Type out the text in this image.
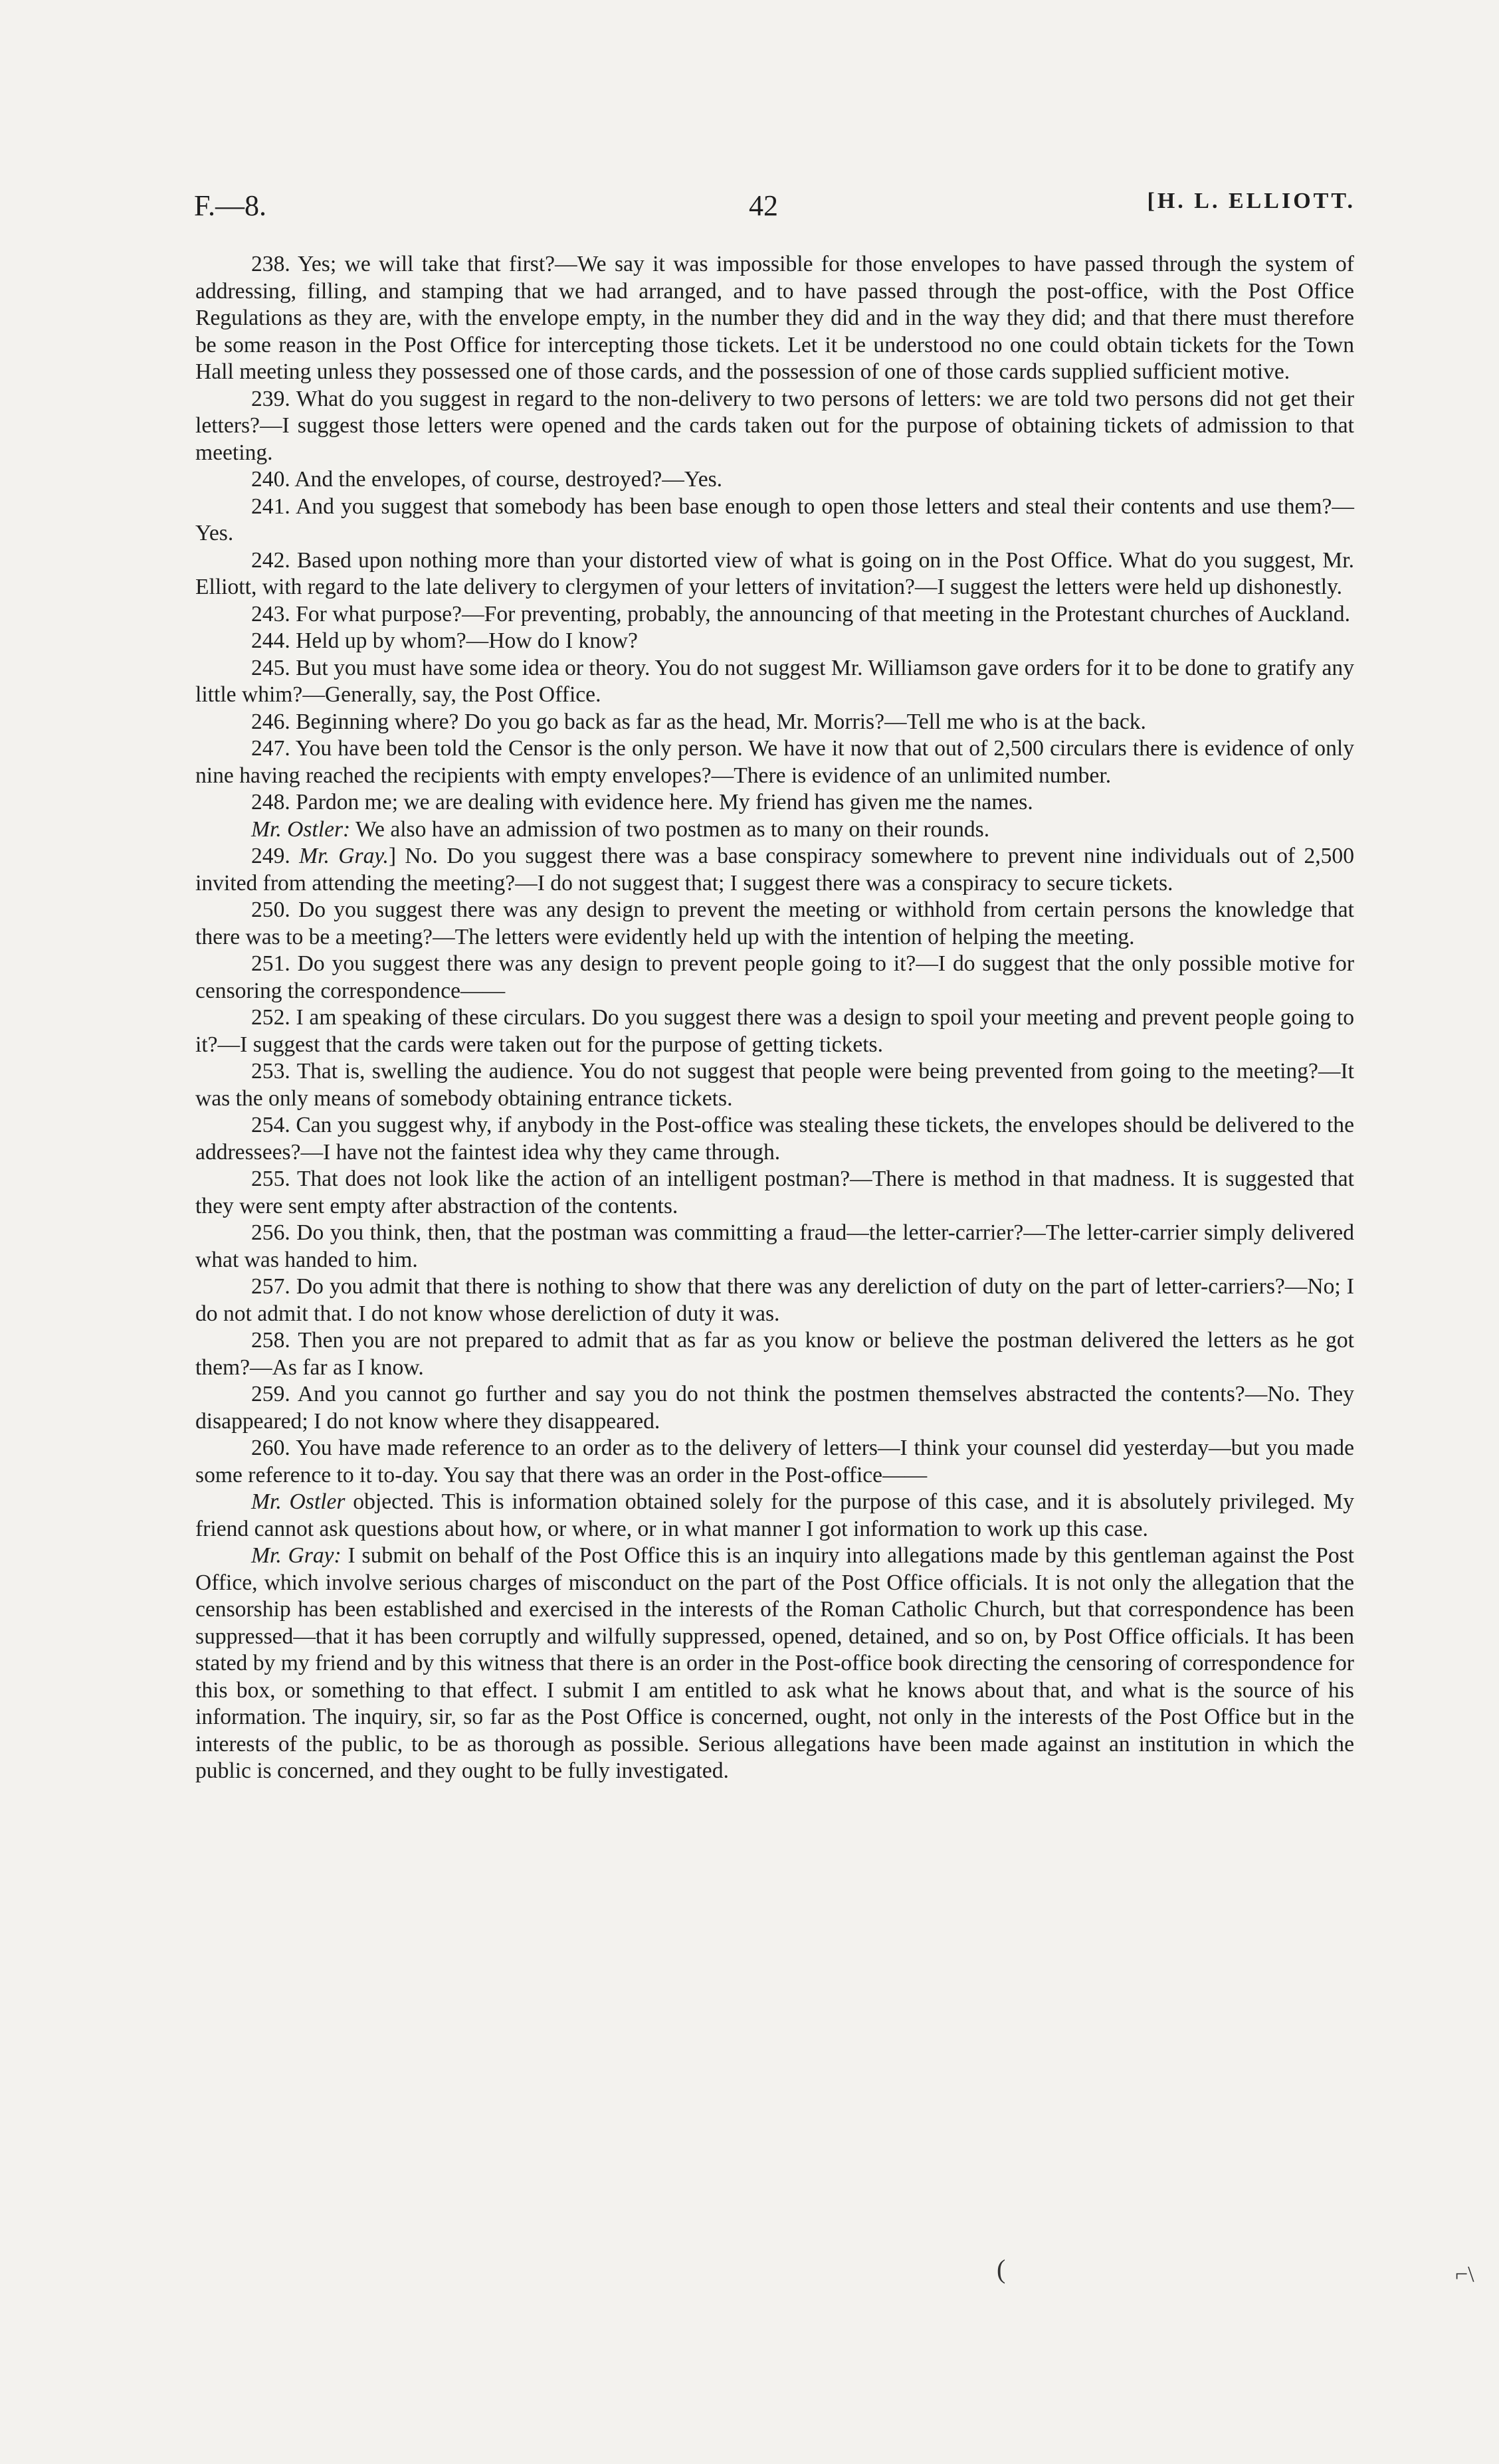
F.—8.	42	[H. L. ELLIOTT.

238. Yes; we will take that first?—We say it was impossible for those envelopes to have passed through the system of addressing, filling, and stamping that we had arranged, and to have passed through the post-office, with the Post Office Regulations as they are, with the envelope empty, in the number they did and in the way they did; and that there must therefore be some reason in the Post Office for intercepting those tickets. Let it be understood no one could obtain tickets for the Town Hall meeting unless they possessed one of those cards, and the possession of one of those cards supplied sufficient motive.

239. What do you suggest in regard to the non-delivery to two persons of letters: we are told two persons did not get their letters?—I suggest those letters were opened and the cards taken out for the purpose of obtaining tickets of admission to that meeting.

240. And the envelopes, of course, destroyed?—Yes.

241. And you suggest that somebody has been base enough to open those letters and steal their contents and use them?—Yes.

242. Based upon nothing more than your distorted view of what is going on in the Post Office. What do you suggest, Mr. Elliott, with regard to the late delivery to clergymen of your letters of invitation?—I suggest the letters were held up dishonestly.

243. For what purpose?—For preventing, probably, the announcing of that meeting in the Protestant churches of Auckland.

244. Held up by whom?—How do I know?

245. But you must have some idea or theory. You do not suggest Mr. Williamson gave orders for it to be done to gratify any little whim?—Generally, say, the Post Office.

246. Beginning where? Do you go back as far as the head, Mr. Morris?—Tell me who is at the back.

247. You have been told the Censor is the only person. We have it now that out of 2,500 circulars there is evidence of only nine having reached the recipients with empty envelopes?—There is evidence of an unlimited number.

248. Pardon me; we are dealing with evidence here. My friend has given me the names.

Mr. Ostler: We also have an admission of two postmen as to many on their rounds.

249. Mr. Gray.] No. Do you suggest there was a base conspiracy somewhere to prevent nine individuals out of 2,500 invited from attending the meeting?—I do not suggest that; I suggest there was a conspiracy to secure tickets.

250. Do you suggest there was any design to prevent the meeting or withhold from certain persons the knowledge that there was to be a meeting?—The letters were evidently held up with the intention of helping the meeting.

251. Do you suggest there was any design to prevent people going to it?—I do suggest that the only possible motive for censoring the correspondence——

252. I am speaking of these circulars. Do you suggest there was a design to spoil your meeting and prevent people going to it?—I suggest that the cards were taken out for the purpose of getting tickets.

253. That is, swelling the audience. You do not suggest that people were being prevented from going to the meeting?—It was the only means of somebody obtaining entrance tickets.

254. Can you suggest why, if anybody in the Post-office was stealing these tickets, the envelopes should be delivered to the addressees?—I have not the faintest idea why they came through.

255. That does not look like the action of an intelligent postman?—There is method in that madness. It is suggested that they were sent empty after abstraction of the contents.

256. Do you think, then, that the postman was committing a fraud—the letter-carrier?—The letter-carrier simply delivered what was handed to him.

257. Do you admit that there is nothing to show that there was any dereliction of duty on the part of letter-carriers?—No; I do not admit that. I do not know whose dereliction of duty it was.

258. Then you are not prepared to admit that as far as you know or believe the postman delivered the letters as he got them?—As far as I know.

259. And you cannot go further and say you do not think the postmen themselves abstracted the contents?—No. They disappeared; I do not know where they disappeared.

260. You have made reference to an order as to the delivery of letters—I think your counsel did yesterday—but you made some reference to it to-day. You say that there was an order in the Post-office——

Mr. Ostler objected. This is information obtained solely for the purpose of this case, and it is absolutely privileged. My friend cannot ask questions about how, or where, or in what manner I got information to work up this case.

Mr. Gray: I submit on behalf of the Post Office this is an inquiry into allegations made by this gentleman against the Post Office, which involve serious charges of misconduct on the part of the Post Office officials. It is not only the allegation that the censorship has been established and exercised in the interests of the Roman Catholic Church, but that correspondence has been suppressed—that it has been corruptly and wilfully suppressed, opened, detained, and so on, by Post Office officials. It has been stated by my friend and by this witness that there is an order in the Post-office book directing the censoring of correspondence for this box, or something to that effect. I submit I am entitled to ask what he knows about that, and what is the source of his information. The inquiry, sir, so far as the Post Office is concerned, ought, not only in the interests of the Post Office but in the interests of the public, to be as thorough as possible. Serious allegations have been made against an institution in which the public is concerned, and they ought to be fully investigated.

(	⌐\
